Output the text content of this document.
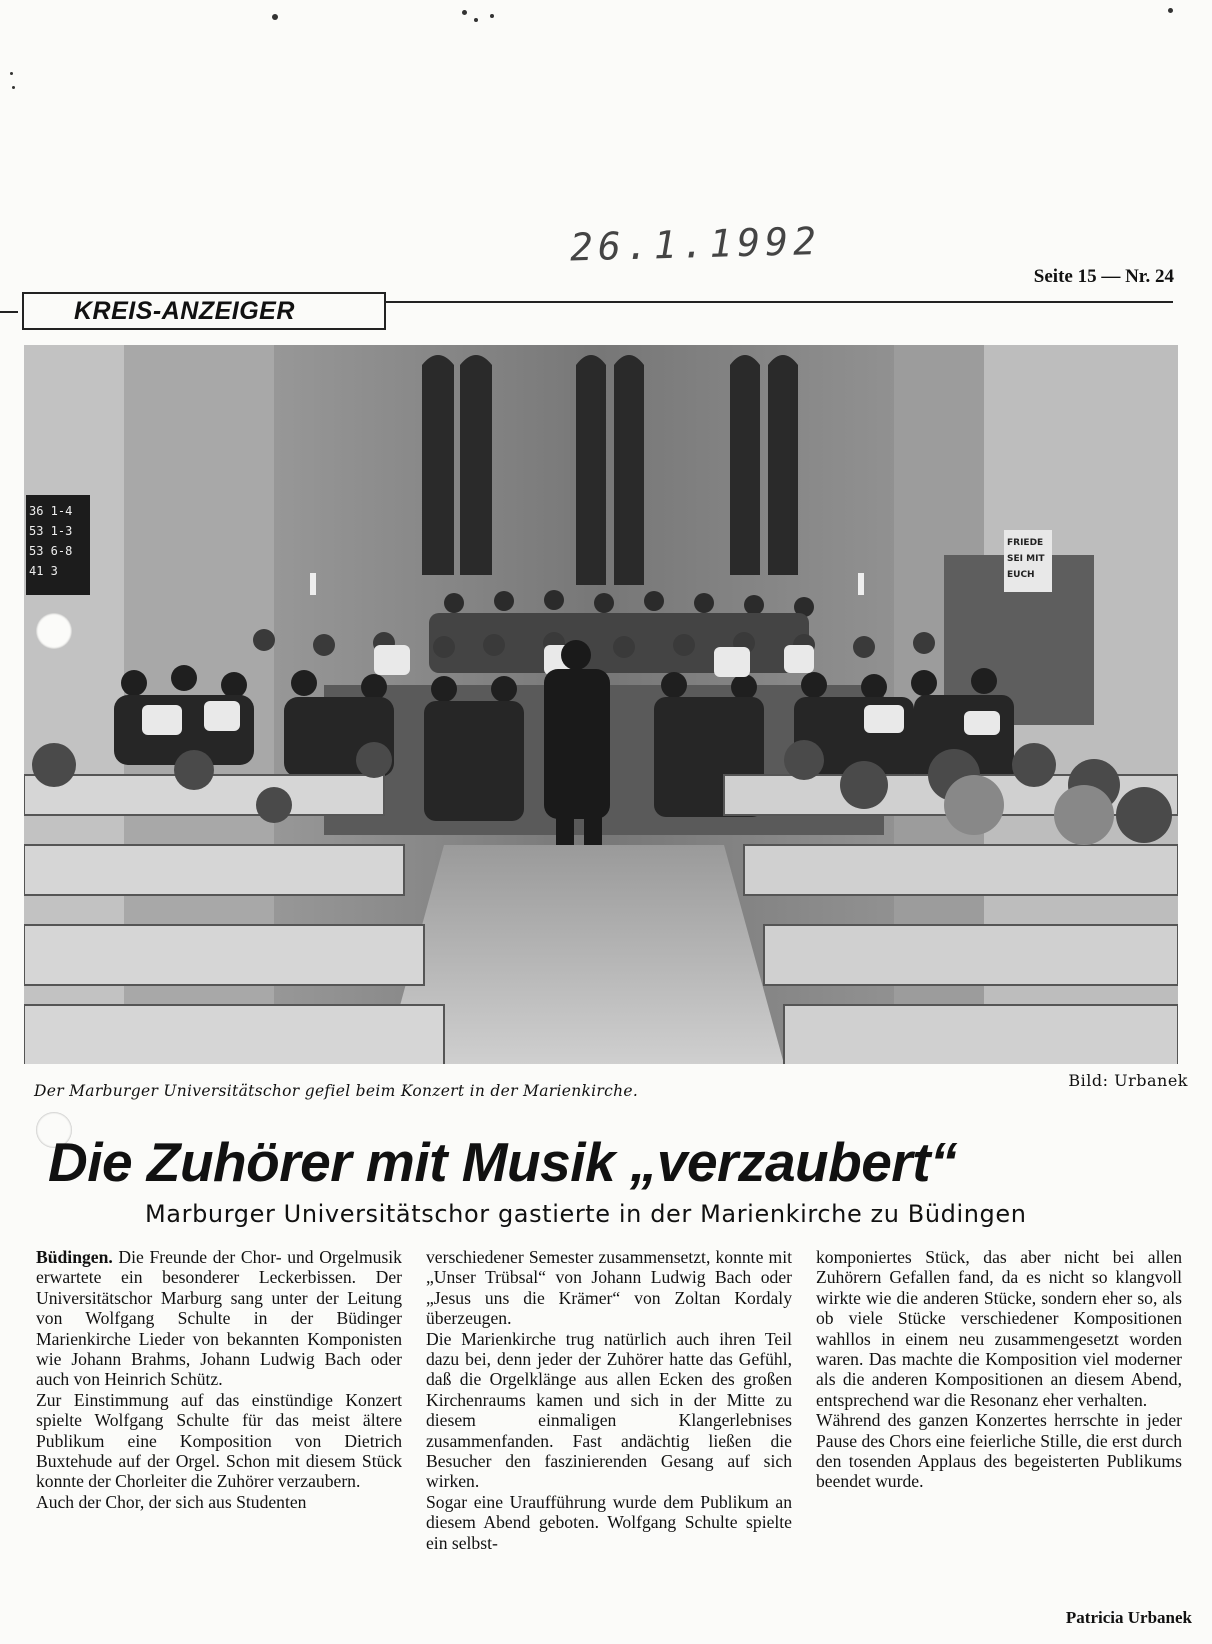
26.1.1992
Seite 15 — Nr. 24
KREIS-ANZEIGER
36 1-4
53 1-3
53 6-8
41 3
FRIEDE
SEI MIT
EUCH
Der Marburger Universitätschor gefiel beim Konzert in der Marienkirche.
Bild: Urbanek
Die Zuhörer mit Musik „verzaubert“
Marburger Universitätschor gastierte in der Marienkirche zu Büdingen

Büdingen. Die Freunde der Chor- und Orgelmusik erwartete ein besonderer Leckerbissen. Der Universitätschor Marburg sang unter der Leitung von Wolfgang Schulte in der Büdinger Marienkirche Lieder von bekannten Komponisten wie Johann Brahms, Johann Ludwig Bach oder auch von Heinrich Schütz.

Zur Einstimmung auf das einstündige Konzert spielte Wolfgang Schulte für das meist ältere Publikum eine Komposition von Dietrich Buxtehude auf der Orgel. Schon mit diesem Stück konnte der Chorleiter die Zuhörer verzaubern.

Auch der Chor, der sich aus Studenten

verschiedener Semester zusammensetzt, konnte mit „Unser Trübsal“ von Johann Ludwig Bach oder „Jesus uns die Krämer“ von Zoltan Kordaly überzeugen.

Die Marienkirche trug natürlich auch ihren Teil dazu bei, denn jeder der Zuhörer hatte das Gefühl, daß die Orgelklänge aus allen Ecken des großen Kirchenraums kamen und sich in der Mitte zu diesem einmaligen Klangerlebnises zusammenfanden. Fast andächtig ließen die Besucher den faszinierenden Gesang auf sich wirken.

Sogar eine Uraufführung wurde dem Publikum an diesem Abend geboten. Wolfgang Schulte spielte ein selbst-

komponiertes Stück, das aber nicht bei allen Zuhörern Gefallen fand, da es nicht so klangvoll wirkte wie die anderen Stücke, sondern eher so, als ob viele Stücke verschiedener Kompositionen wahllos in einem neu zusammengesetzt worden waren. Das machte die Komposition viel moderner als die anderen Kompositionen an diesem Abend, entsprechend war die Resonanz eher verhalten.

Während des ganzen Konzertes herrschte in jeder Pause des Chors eine feierliche Stille, die erst durch den tosenden Applaus des begeisterten Publikums beendet wurde.

Patricia Urbanek
